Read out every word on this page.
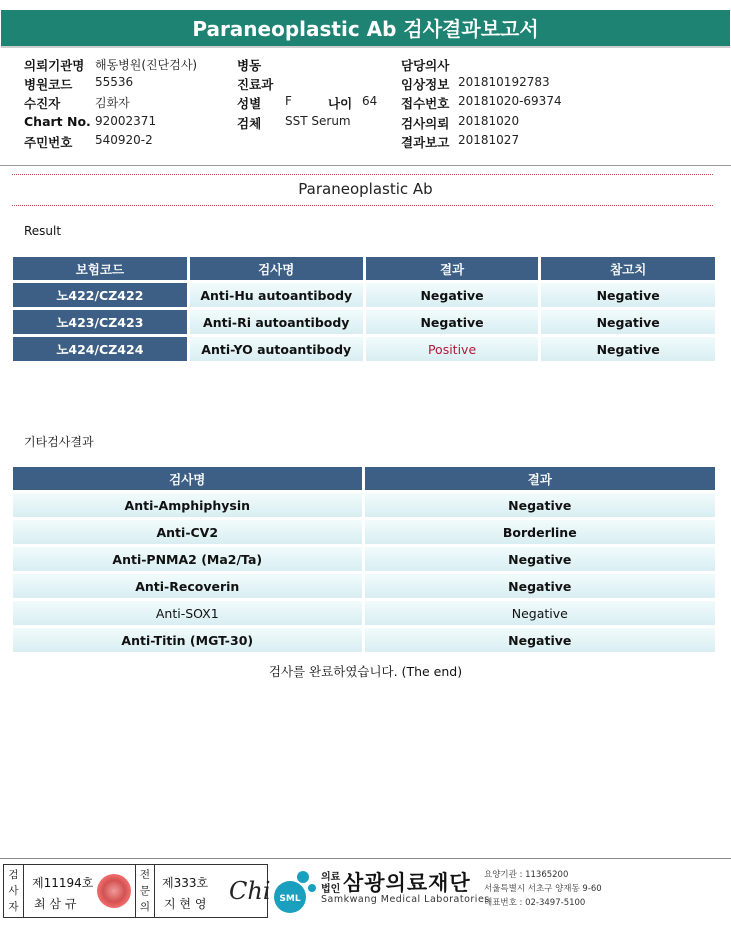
Paraneoplastic Ab 검사결과보고서
의뢰기관명 해동병원(진단검사)	병동	담당의사
병원코드 55536	진료과	임상정보 201810192783
수진자	김화자	성별 F	나이 64 접수번호 20181020-69374
Chart No. 92002371	검체 SST Serum	검사의뢰 20181020
주민번호 540920-2	결과보고 20181027
Paraneoplastic Ab
Result
보험코드	검사명	결과	참고치
노422/CZ422	Anti-Hu autoantibody	Negative	Negative
노423/CZ423	Anti-Ri autoantibody	Negative	Negative
노424/CZ424	Anti-YO autoantibody	Positive	Negative
기타검사결과
검사명	결과
Anti-Amphiphysin	Negative
Anti-CV2	Borderline
Anti-PNMA2 (Ma2/Ta)	Negative
Anti-Recoverin	Negative
Anti-SOX1	Negative
Anti-Titin (MGT-30)	Negative
검사를 완료하였습니다. (The end)
검사자
제11194호
최 삼 규
전문의
제333호
지 현 영 Chi SML
의료
법인 삼광의료재단
Samkwang Medical Laboratories
요양기관 : 11365200
서울특별시 서초구 양재동 9-60
대표번호 : 02-3497-5100
